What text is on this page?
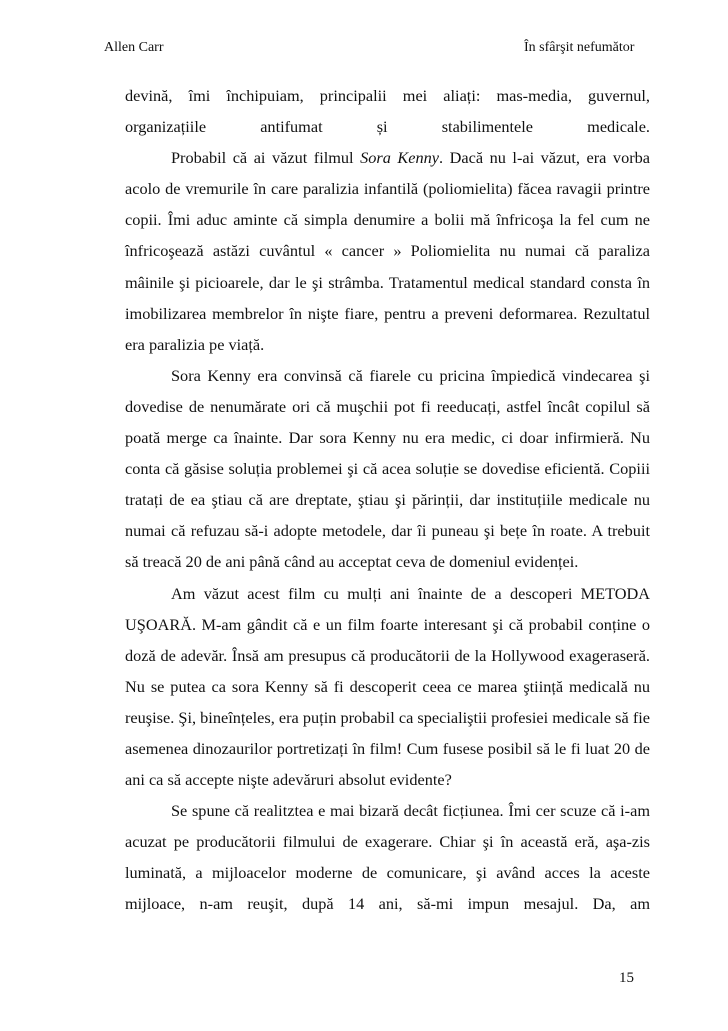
Allen Carr	În sfârşit nefumător

devină, îmi închipuiam, principalii mei aliați: mas-media, guvernul, organizațiile antifumat și stabilimentele medicale.

Probabil că ai văzut filmul Sora Kenny. Dacă nu l-ai văzut, era vorba acolo de vremurile în care paralizia infantilă (poliomielita) făcea ravagii printre copii. Îmi aduc aminte că simpla denumire a bolii mă înfricoşa la fel cum ne înfricoşează astăzi cuvântul « cancer » Poliomielita nu numai că paraliza mâinile şi picioarele, dar le şi strâmba. Tratamentul medical standard consta în imobilizarea membrelor în nişte fiare, pentru a preveni deformarea. Rezultatul era paralizia pe viață.

Sora Kenny era convinsă că fiarele cu pricina împiedică vindecarea şi dovedise de nenumărate ori că muşchii pot fi reeducați, astfel încât copilul să poată merge ca înainte. Dar sora Kenny nu era medic, ci doar infirmieră. Nu conta că găsise soluția problemei şi că acea soluție se dovedise eficientă. Copiii tratați de ea ştiau că are dreptate, ştiau şi părinții, dar instituțiile medicale nu numai că refuzau să-i adopte metodele, dar îi puneau şi bețe în roate. A trebuit să treacă 20 de ani până când au acceptat ceva de domeniul evidenței.

Am văzut acest film cu mulți ani înainte de a descoperi METODA UŞOARĂ. M-am gândit că e un film foarte interesant şi că probabil conține o doză de adevăr. Însă am presupus că producătorii de la Hollywood exageraseră. Nu se putea ca sora Kenny să fi descoperit ceea ce marea ştiință medicală nu reuşise. Şi, bineînțeles, era puțin probabil ca specialiştii profesiei medicale să fie asemenea dinozaurilor portretizați în film! Cum fusese posibil să le fi luat 20 de ani ca să accepte nişte adevăruri absolut evidente?

Se spune că realitztea e mai bizară decât ficțiunea. Îmi cer scuze că i-am acuzat pe producătorii filmului de exagerare. Chiar şi în această eră, aşa-zis luminată, a mijloacelor moderne de comunicare, şi având acces la aceste mijloace, n-am reuşit, după 14 ani, să-mi impun mesajul. Da, am

15
